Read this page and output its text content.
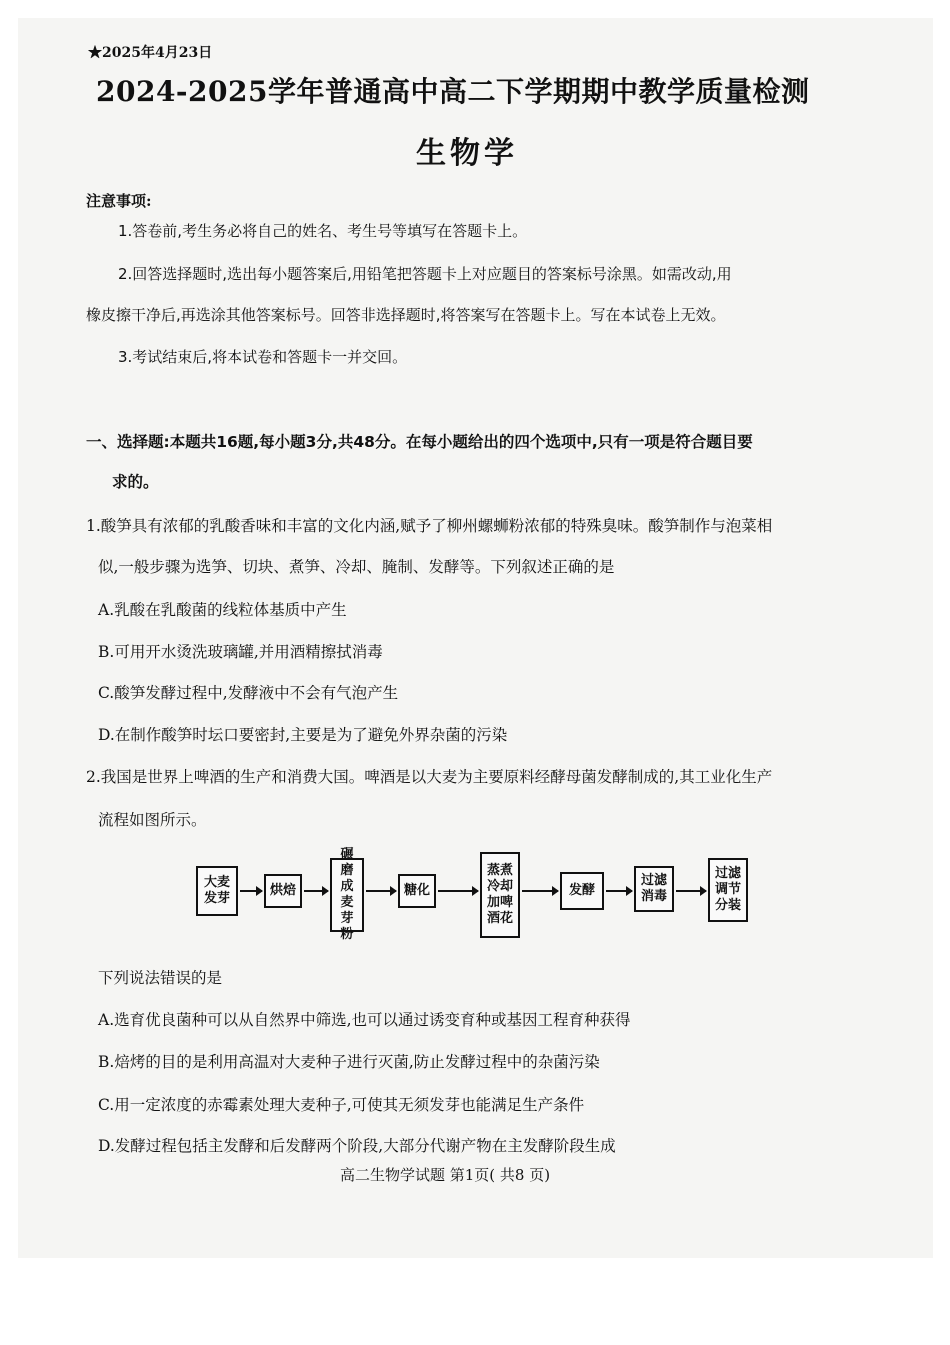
★2025年4月23日
2024-2025学年普通高中高二下学期期中教学质量检测
生物学
注意事项:
1.答卷前,考生务必将自己的姓名、考生号等填写在答题卡上。
2.回答选择题时,选出每小题答案后,用铅笔把答题卡上对应题目的答案标号涂黑。如需改动,用
橡皮擦干净后,再选涂其他答案标号。回答非选择题时,将答案写在答题卡上。写在本试卷上无效。
3.考试结束后,将本试卷和答题卡一并交回。
一、选择题:本题共16题,每小题3分,共48分。在每小题给出的四个选项中,只有一项是符合题目要
求的。
1.酸笋具有浓郁的乳酸香味和丰富的文化内涵,赋予了柳州螺蛳粉浓郁的特殊臭味。酸笋制作与泡菜相
似,一般步骤为选笋、切块、煮笋、冷却、腌制、发酵等。下列叙述正确的是
A.乳酸在乳酸菌的线粒体基质中产生
B.可用开水烫洗玻璃罐,并用酒精擦拭消毒
C.酸笋发酵过程中,发酵液中不会有气泡产生
D.在制作酸笋时坛口要密封,主要是为了避免外界杂菌的污染
2.我国是世界上啤酒的生产和消费大国。啤酒是以大麦为主要原料经酵母菌发酵制成的,其工业化生产
流程如图所示。
大麦发芽
烘焙
碾磨成麦芽粉
糖化
蒸煮冷却加啤酒花
发酵
过滤消毒
过滤调节分装
下列说法错误的是
A.选育优良菌种可以从自然界中筛选,也可以通过诱变育种或基因工程育种获得
B.焙烤的目的是利用高温对大麦种子进行灭菌,防止发酵过程中的杂菌污染
C.用一定浓度的赤霉素处理大麦种子,可使其无须发芽也能满足生产条件
D.发酵过程包括主发酵和后发酵两个阶段,大部分代谢产物在主发酵阶段生成
高二生物学试题 第1页( 共8 页)
